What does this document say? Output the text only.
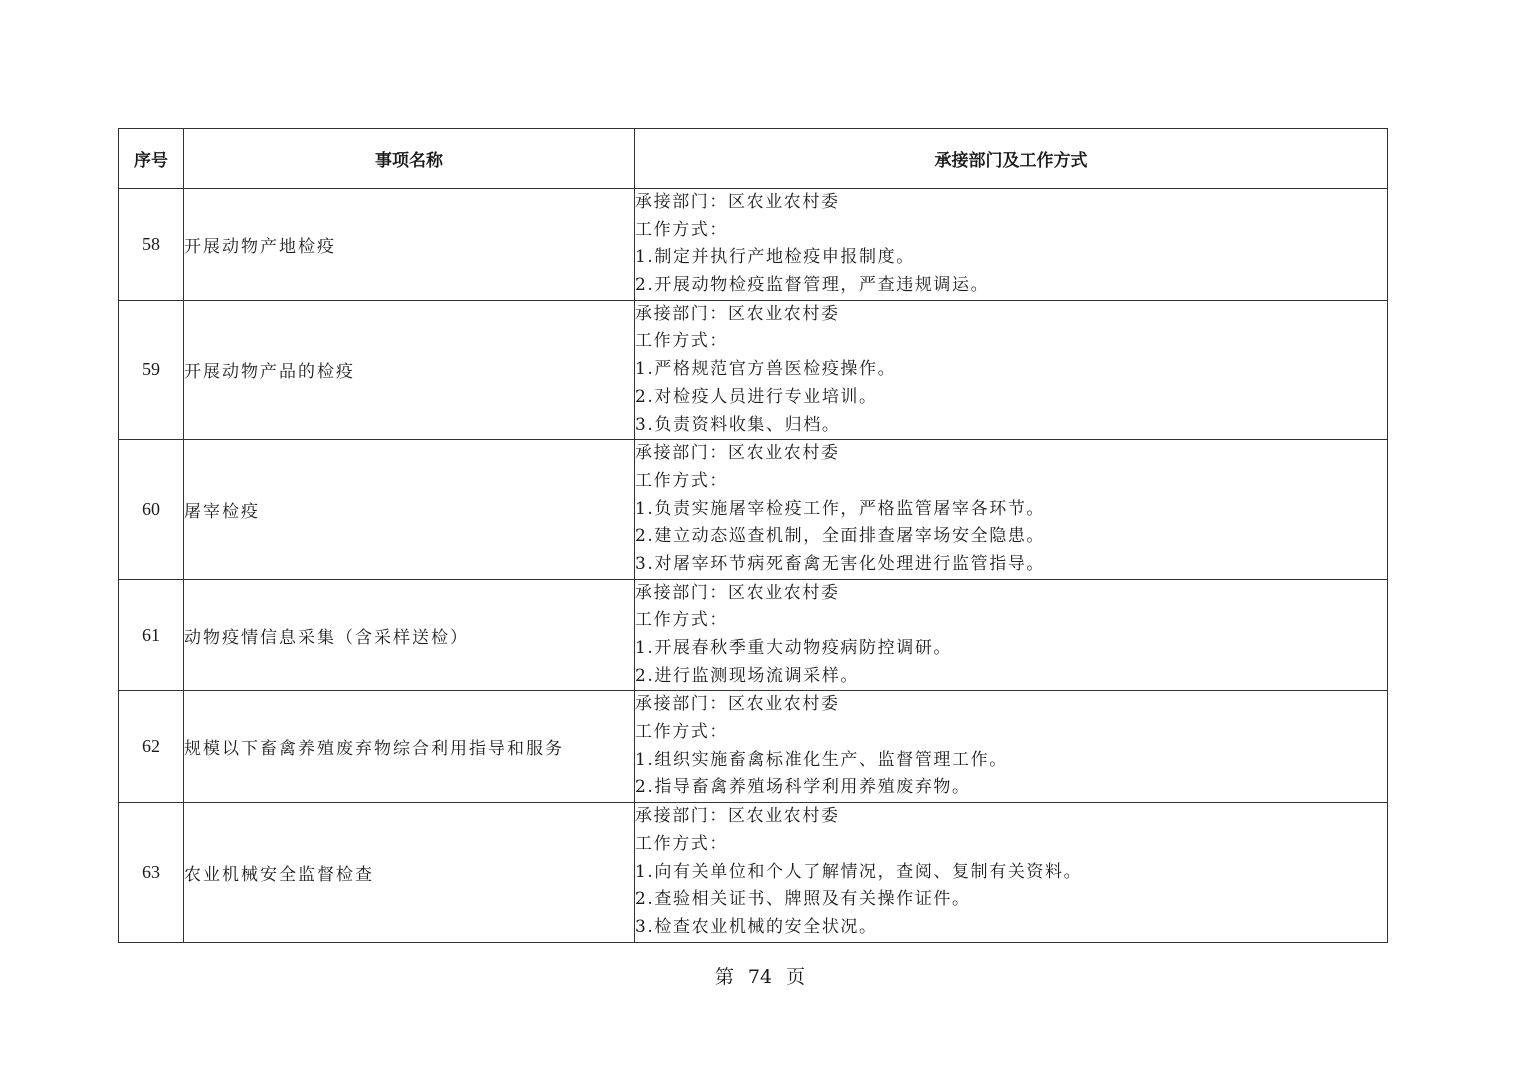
序号	事项名称	承接部门及工作方式
58	开展动物产地检疫	承接部门：区农业农村委
工作方式：
1.制定并执行产地检疫申报制度。
2.开展动物检疫监督管理，严查违规调运。

59	开展动物产品的检疫	承接部门：区农业农村委
工作方式：
1.严格规范官方兽医检疫操作。
2.对检疫人员进行专业培训。
3.负责资料收集、归档。

60	屠宰检疫	承接部门：区农业农村委
工作方式：
1.负责实施屠宰检疫工作，严格监管屠宰各环节。
2.建立动态巡查机制，全面排查屠宰场安全隐患。
3.对屠宰环节病死畜禽无害化处理进行监管指导。

61	动物疫情信息采集（含采样送检）	承接部门：区农业农村委
工作方式：
1.开展春秋季重大动物疫病防控调研。
2.进行监测现场流调采样。

62	规模以下畜禽养殖废弃物综合利用指导和服务	承接部门：区农业农村委
工作方式：
1.组织实施畜禽标准化生产、监督管理工作。
2.指导畜禽养殖场科学利用养殖废弃物。

63	农业机械安全监督检查	承接部门：区农业农村委
工作方式：
1.向有关单位和个人了解情况，查阅、复制有关资料。
2.查验相关证书、牌照及有关操作证件。
3.检查农业机械的安全状况。
第 74 页
